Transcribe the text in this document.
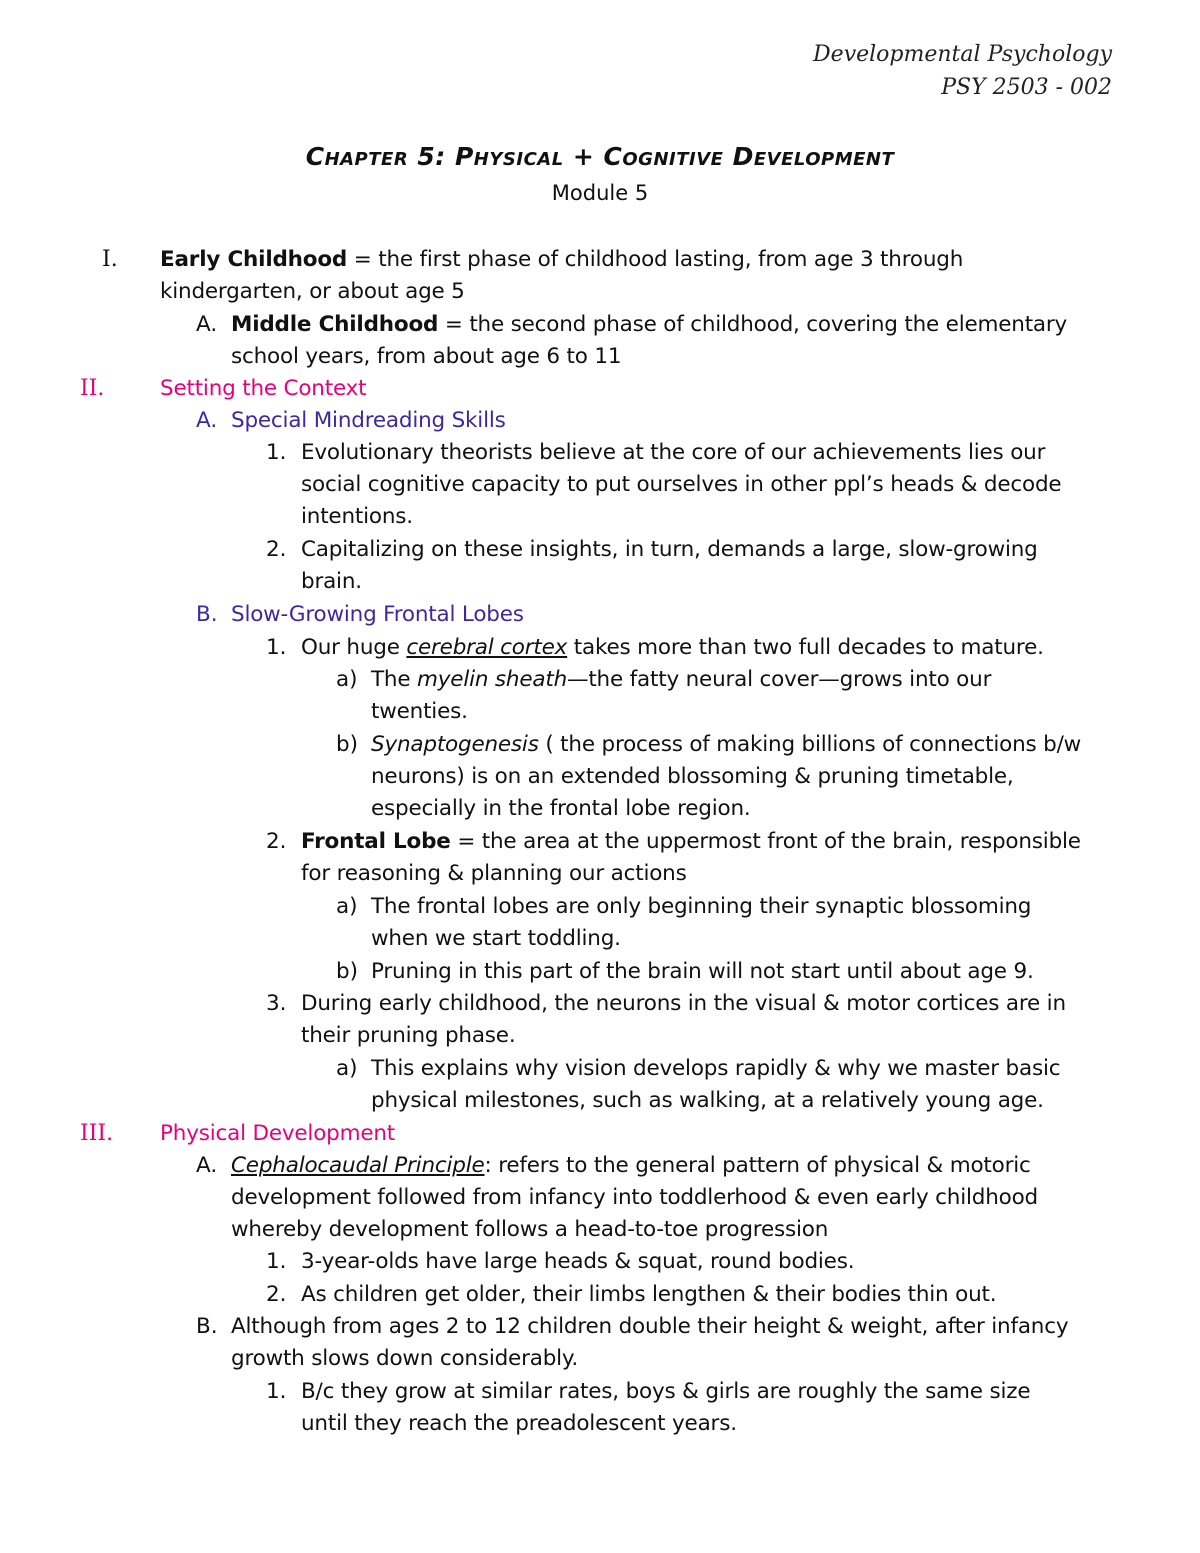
Developmental Psychology
PSY 2503 - 002
Chapter 5: Physical + Cognitive Development
Module 5
I. Early Childhood = the first phase of childhood lasting, from age 3 through
kindergarten, or about age 5
A. Middle Childhood = the second phase of childhood, covering the elementary
school years, from about age 6 to 11
II.	Setting the Context
A. Special Mindreading Skills
1. Evolutionary theorists believe at the core of our achievements lies our
social cognitive capacity to put ourselves in other ppl’s heads & decode
intentions.
2. Capitalizing on these insights, in turn, demands a large, slow-growing
brain.
B. Slow-Growing Frontal Lobes
1. Our huge cerebral cortex takes more than two full decades to mature.
a) The myelin sheath—the fatty neural cover—grows into our
twenties.
b) Synaptogenesis ( the process of making billions of connections b/w
neurons) is on an extended blossoming & pruning timetable,
especially in the frontal lobe region.
2. Frontal Lobe = the area at the uppermost front of the brain, responsible
for reasoning & planning our actions
a) The frontal lobes are only beginning their synaptic blossoming
when we start toddling.
b) Pruning in this part of the brain will not start until about age 9.
3. During early childhood, the neurons in the visual & motor cortices are in
their pruning phase.
a) This explains why vision develops rapidly & why we master basic
physical milestones, such as walking, at a relatively young age.
III. Physical Development
A. Cephalocaudal Principle: refers to the general pattern of physical & motoric
development followed from infancy into toddlerhood & even early childhood
whereby development follows a head-to-toe progression
1. 3-year-olds have large heads & squat, round bodies.
2. As children get older, their limbs lengthen & their bodies thin out.
B. Although from ages 2 to 12 children double their height & weight, after infancy
growth slows down considerably.
1. B/c they grow at similar rates, boys & girls are roughly the same size
until they reach the preadolescent years.
